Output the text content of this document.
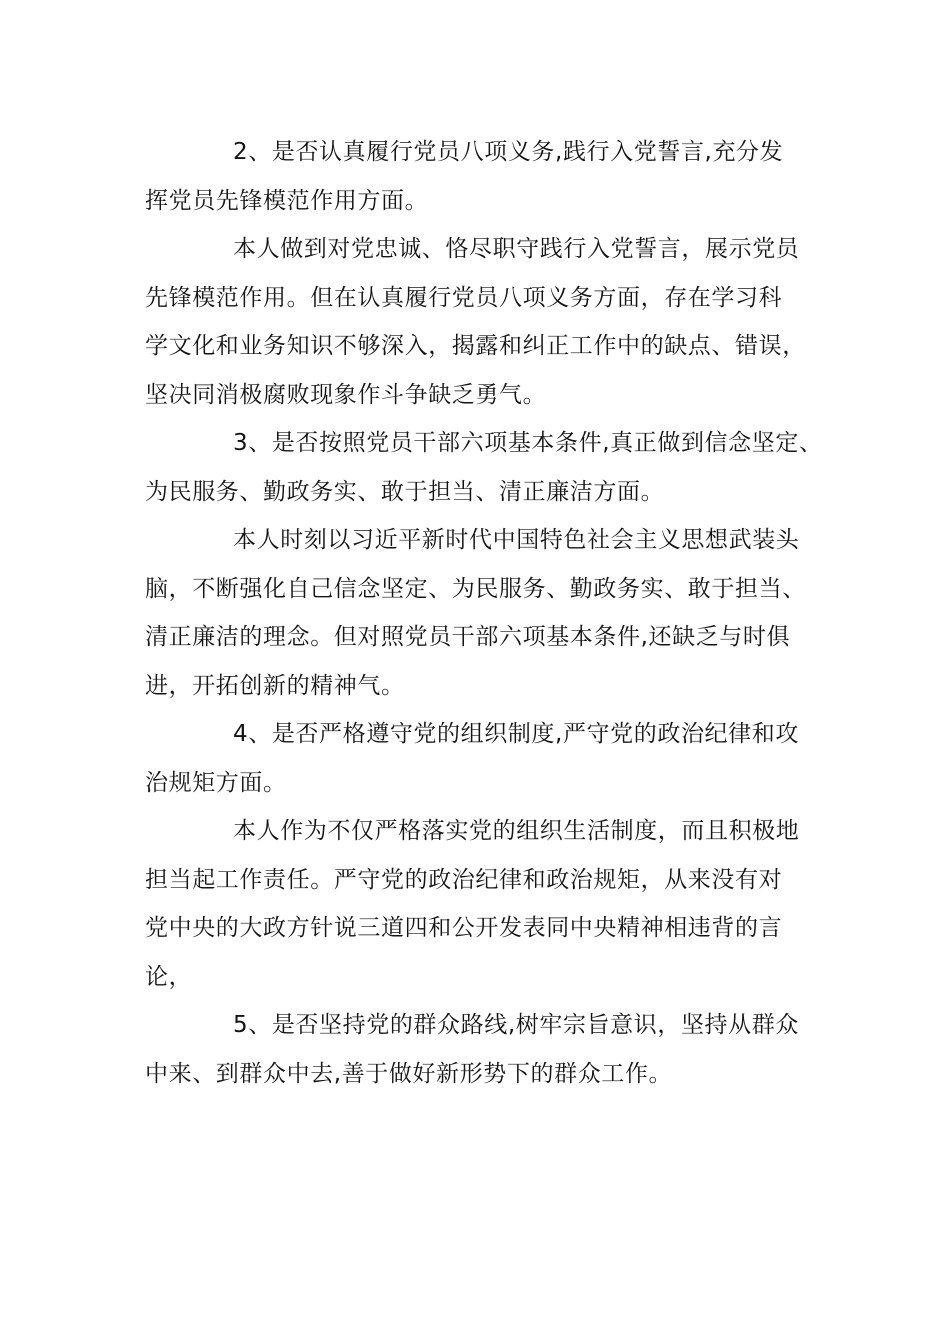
2、是否认真履行党员八项义务,践行入党誓言,充分发
挥党员先锋模范作用方面。

本人做到对党忠诚、恪尽职守践行入党誓言，展示党员
先锋模范作用。但在认真履行党员八项义务方面，存在学习科
学文化和业务知识不够深入，揭露和纠正工作中的缺点、错误，
坚决同消极腐败现象作斗争缺乏勇气。

3、是否按照党员干部六项基本条件,真正做到信念坚定、
为民服务、勤政务实、敢于担当、清正廉洁方面。

本人时刻以习近平新时代中国特色社会主义思想武装头
脑，不断强化自己信念坚定、为民服务、勤政务实、敢于担当、
清正廉洁的理念。但对照党员干部六项基本条件,还缺乏与时俱
进，开拓创新的精神气。

4、是否严格遵守党的组织制度,严守党的政治纪律和攻
治规矩方面。

本人作为不仅严格落实党的组织生活制度，而且积极地
担当起工作责任。严守党的政治纪律和政治规矩，从来没有对
党中央的大政方针说三道四和公开发表同中央精神相违背的言
论，

5、是否坚持党的群众路线,树牢宗旨意识，坚持从群众
中来、到群众中去,善于做好新形势下的群众工作。
